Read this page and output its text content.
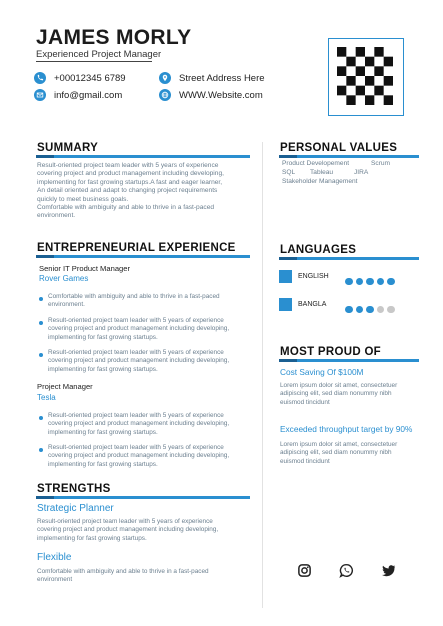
JAMES MORLY
Experienced Project Manager
+00012345 6789
info@gmail.com
Street Address Here
WWW.Website.com
SUMMARY
Result-oriented project team leader with 5 years of experience
covering project and product management including developing,
implementing for fast growing startups.A fast and eager learner,
An detail oriented and adapt to changing project requirements
quickly to meet business goals.
Comfortable with ambiguity and able to thrive in a fast-paced
environment.
ENTREPRENEURIAL EXPERIENCE
Senior IT Product Manager
Rover Games
Comfortable with ambiguity and able to thrive in a fast-paced
environment.
Result-oriented project team leader with 5 years of experience
covering project and product management including developing,
implementing for fast growing startups.
Result-oriented project team leader with 5 years of experience
covering project and product management including developing,
implementing for fast growing startups.
Project Manager
Tesla
Result-oriented project team leader with 5 years of experience
covering project and product management including developing,
implementing for fast growing startups.
Result-oriented project team leader with 5 years of experience
covering project and product management including developing,
implementing for fast growing startups.
STRENGTHS
Strategic Planner
Result-oriented project team leader with 5 years of experience
covering project and product management including developing,
implementing for fast growing startups.
Flexible
Comfortable with ambiguity and able to thrive in a fast-paced
environment
PERSONAL VALUES
Product Developement	Scrum
SQL Tableau	JIRA
Stakeholder Management
LANGUAGES
ENGLISH
BANGLA
MOST PROUD OF
Cost Saving Of $100M
Lorem ipsum dolor sit amet, consectetuer
adipiscing elit, sed diam nonummy nibh
euismod tincidunt
Exceeded throughput target by 90%
Lorem ipsum dolor sit amet, consectetuer
adipiscing elit, sed diam nonummy nibh
euismod tincidunt
